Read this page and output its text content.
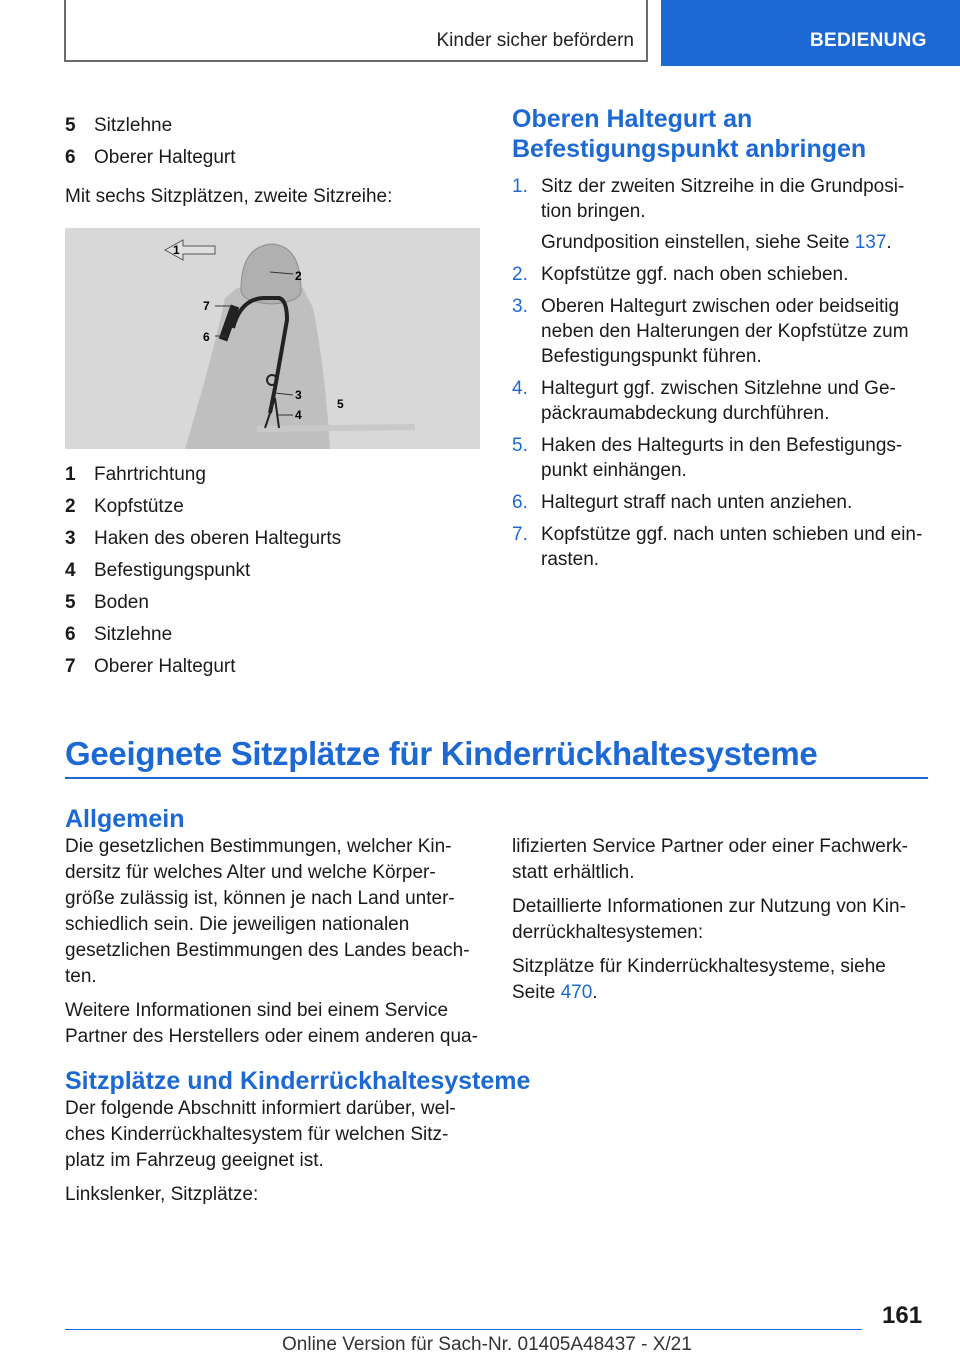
Kinder sicher befördern	BEDIENUNG
5 Sitzlehne
6 Oberer Haltegurt

Mit sechs Sitzplätzen, zweite Sitzreihe:

1
2
7
6
3
4
5
1 Fahrtrichtung
2 Kopfstütze
3 Haken des oberen Haltegurts
4 Befestigungspunkt
5 Boden
6 Sitzlehne
7 Oberer Haltegurt
Oberen Haltegurt an
Befestigungspunkt anbringen
1. Sitz der zweiten Sitzreihe in die Grundposi-tion bringen.
Grundposition einstellen, siehe Seite 137.
2. Kopfstütze ggf. nach oben schieben.
3. Oberen Haltegurt zwischen oder beidseitig neben den Halterungen der Kopfstütze zum Befestigungspunkt führen.
4. Haltegurt ggf. zwischen Sitzlehne und Ge-päckraumabdeckung durchführen.
5. Haken des Haltegurts in den Befestigungs-punkt einhängen.
6. Haltegurt straff nach unten anziehen.
7. Kopfstütze ggf. nach unten schieben und ein-rasten.
Geeignete Sitzplätze für Kinderrückhaltesysteme
Allgemein

Die gesetzlichen Bestimmungen, welcher Kin-dersitz für welches Alter und welche Körper-größe zulässig ist, können je nach Land unter-schiedlich sein. Die jeweiligen nationalen gesetzlichen Bestimmungen des Landes beach-ten.

Weitere Informationen sind bei einem Service Partner des Herstellers oder einem anderen qua-

lifizierten Service Partner oder einer Fachwerk-statt erhältlich.

Detaillierte Informationen zur Nutzung von Kin-derrückhaltesystemen:

Sitzplätze für Kinderrückhaltesysteme, siehe Seite 470.

Sitzplätze und Kinderrückhaltesysteme

Der folgende Abschnitt informiert darüber, wel-ches Kinderrückhaltesystem für welchen Sitz-platz im Fahrzeug geeignet ist.

Linkslenker, Sitzplätze:

161
Online Version für Sach-Nr. 01405A48437 - X/21
